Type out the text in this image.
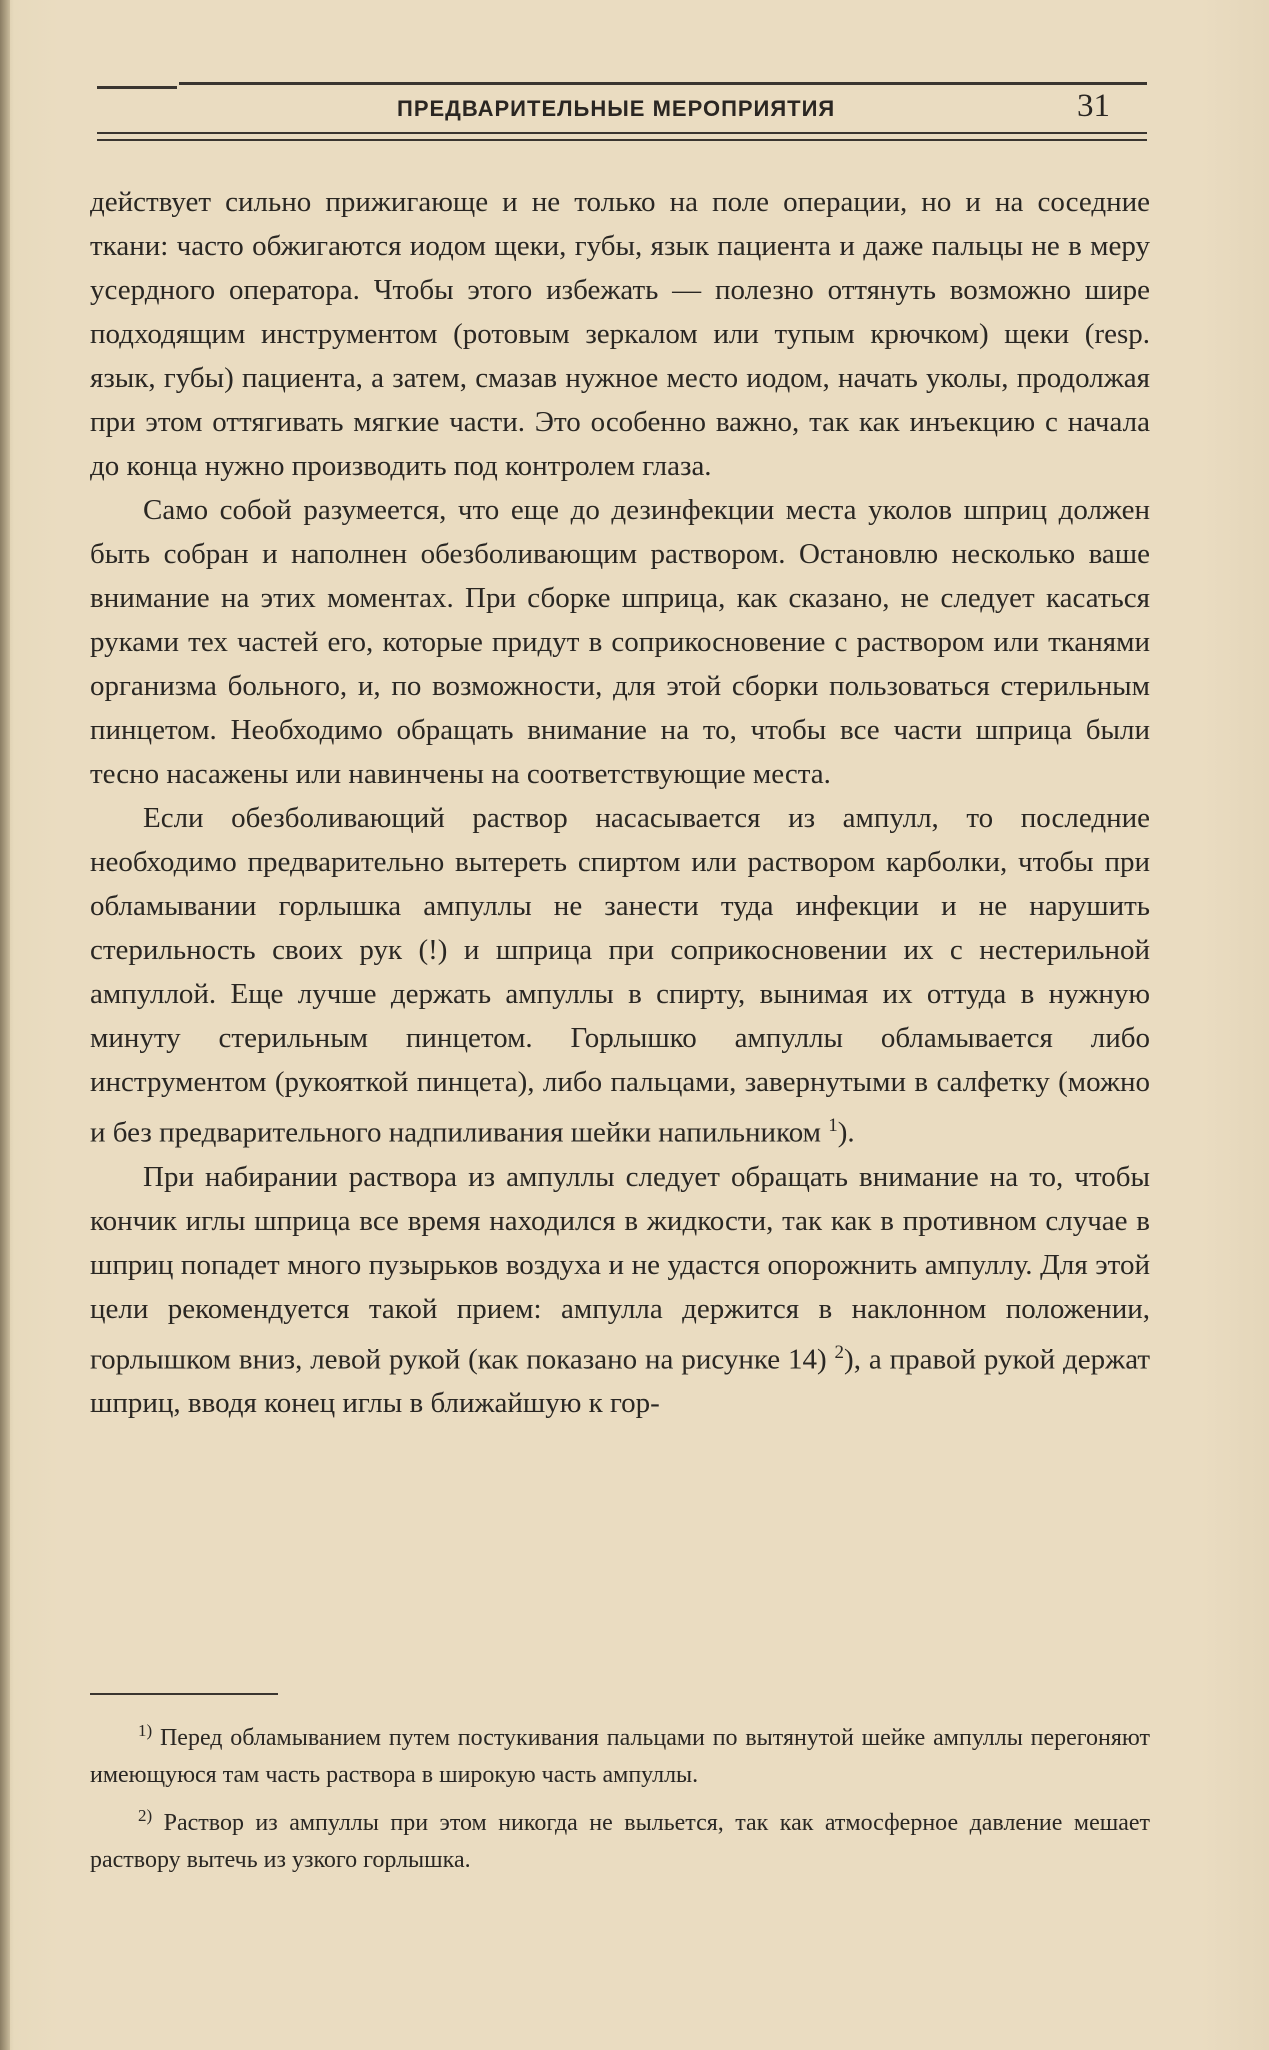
ПРЕДВАРИТЕЛЬНЫЕ МЕРОПРИЯТИЯ	31

действует сильно прижигающе и не только на поле операции, но и на соседние ткани: часто обжигаются иодом щеки, губы, язык пациента и даже пальцы не в меру усердного оператора. Чтобы этого избежать — полезно оттянуть возможно шире подходящим инструментом (ротовым зеркалом или тупым крючком) щеки (resp. язык, губы) пациента, а затем, смазав нужное место иодом, начать уколы, продолжая при этом оттягивать мягкие части. Это особенно важно, так как инъекцию с начала до конца нужно производить под контролем глаза.

Само собой разумеется, что еще до дезинфекции места уколов шприц должен быть собран и наполнен обезболивающим раствором. Остановлю несколько ваше внимание на этих моментах. При сборке шприца, как сказано, не следует касаться руками тех частей его, которые придут в соприкосновение с раствором или тканями организма больного, и, по возможности, для этой сборки пользоваться стерильным пинцетом. Необходимо обращать внимание на то, чтобы все части шприца были тесно насажены или навинчены на соответствующие места.

Если обезболивающий раствор насасывается из ампулл, то последние необходимо предварительно вытереть спиртом или раствором карболки, чтобы при обламывании горлышка ампуллы не занести туда инфекции и не нарушить стерильность своих рук (!) и шприца при соприкосновении их с нестерильной ампуллой. Еще лучше держать ампуллы в спирту, вынимая их оттуда в нужную минуту стерильным пинцетом. Горлышко ампуллы обламывается либо инструментом (рукояткой пинцета), либо пальцами, завернутыми в салфетку (можно и без предварительного надпиливания шейки напильником $^1$).

При набирании раствора из ампуллы следует обращать внимание на то, чтобы кончик иглы шприца все время находился в жидкости, так как в противном случае в шприц попадет много пузырьков воздуха и не удастся опорожнить ампуллу. Для этой цели рекомендуется такой прием: ампулла держится в наклонном положении, горлышком вниз, левой рукой (как показано на рисунке 14) $^2$), а правой рукой держат шприц, вводя конец иглы в ближайшую к гор-

$^{1)}$ Перед обламыванием путем постукивания пальцами по вытянутой шейке ампуллы перегоняют имеющуюся там часть раствора в широкую часть ампуллы.

$^{2)}$ Раствор из ампуллы при этом никогда не выльется, так как атмосферное давление мешает раствору вытечь из узкого горлышка.
